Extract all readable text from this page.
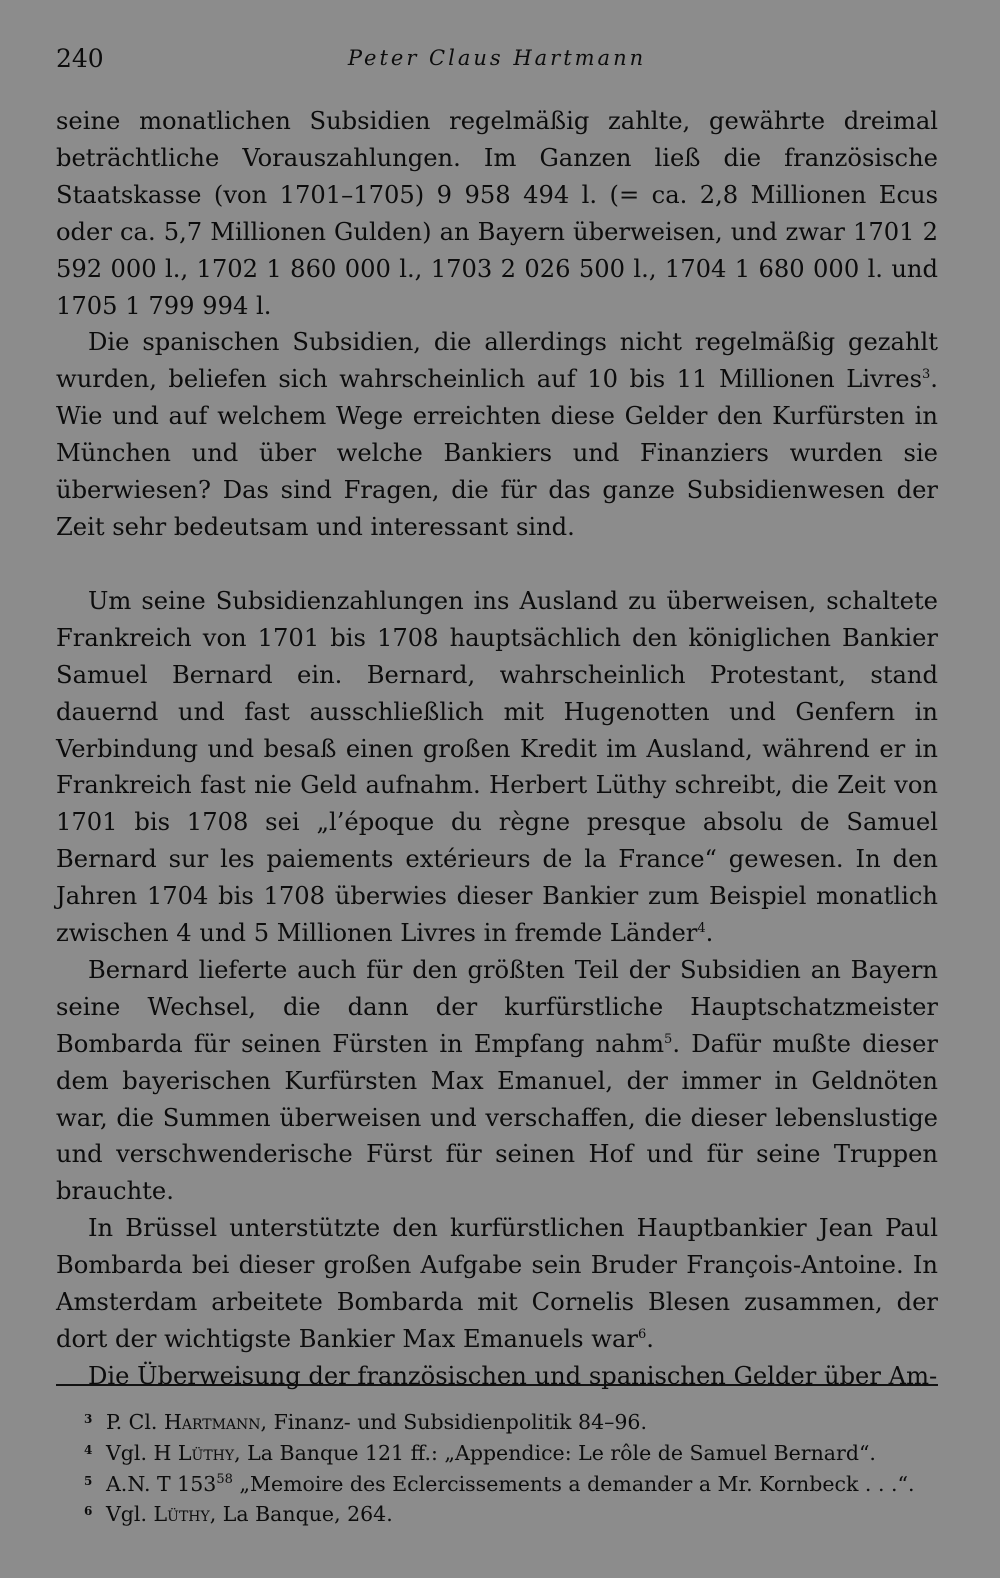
240	Peter Claus Hartmann

seine monatlichen Subsidien regelmäßig zahlte, gewährte dreimal beträchtliche Vorauszahlungen. Im Ganzen ließ die französische Staatskasse (von 1701–1705) 9 958 494 l. (= ca. 2,8 Millionen Ecus oder ca. 5,7 Millionen Gulden) an Bayern überweisen, und zwar 1701 2 592 000 l., 1702 1 860 000 l., 1703 2 026 500 l., 1704 1 680 000 l. und 1705 1 799 994 l.

Die spanischen Subsidien, die allerdings nicht regelmäßig gezahlt wurden, beliefen sich wahrscheinlich auf 10 bis 11 Millionen Livres$^3$. Wie und auf welchem Wege erreichten diese Gelder den Kurfürsten in München und über welche Bankiers und Finanziers wurden sie überwiesen? Das sind Fragen, die für das ganze Subsidienwesen der Zeit sehr bedeutsam und interessant sind.

Um seine Subsidienzahlungen ins Ausland zu überweisen, schaltete Frankreich von 1701 bis 1708 hauptsächlich den königlichen Bankier Samuel Bernard ein. Bernard, wahrscheinlich Protestant, stand dauernd und fast ausschließlich mit Hugenotten und Genfern in Verbindung und besaß einen großen Kredit im Ausland, während er in Frankreich fast nie Geld aufnahm. Herbert Lüthy schreibt, die Zeit von 1701 bis 1708 sei „l’époque du règne presque absolu de Samuel Bernard sur les paiements extérieurs de la France“ gewesen. In den Jahren 1704 bis 1708 überwies dieser Bankier zum Beispiel monatlich zwischen 4 und 5 Millionen Livres in fremde Länder$^4$.

Bernard lieferte auch für den größten Teil der Subsidien an Bayern seine Wechsel, die dann der kurfürstliche Hauptschatzmeister Bombarda für seinen Fürsten in Empfang nahm$^5$. Dafür mußte dieser dem bayerischen Kurfürsten Max Emanuel, der immer in Geldnöten war, die Summen überweisen und verschaffen, die dieser lebenslustige und verschwenderische Fürst für seinen Hof und für seine Truppen brauchte.

In Brüssel unterstützte den kurfürstlichen Hauptbankier Jean Paul Bombarda bei dieser großen Aufgabe sein Bruder François-Antoine. In Amsterdam arbeitete Bombarda mit Cornelis Blesen zusammen, der dort der wichtigste Bankier Max Emanuels war$^6$.

Die Überweisung der französischen und spanischen Gelder über Am-

3 P. Cl. Hartmann, Finanz- und Subsidienpolitik 84–96.
4 Vgl. H Lüthy, La Banque 121 ff.: „Appendice: Le rôle de Samuel Bernard“.
5 A.N. T $153^{58}$ „Memoire des Eclercissements a demander a Mr. Kornbeck . . .“.
6 Vgl. Lüthy, La Banque, 264.
